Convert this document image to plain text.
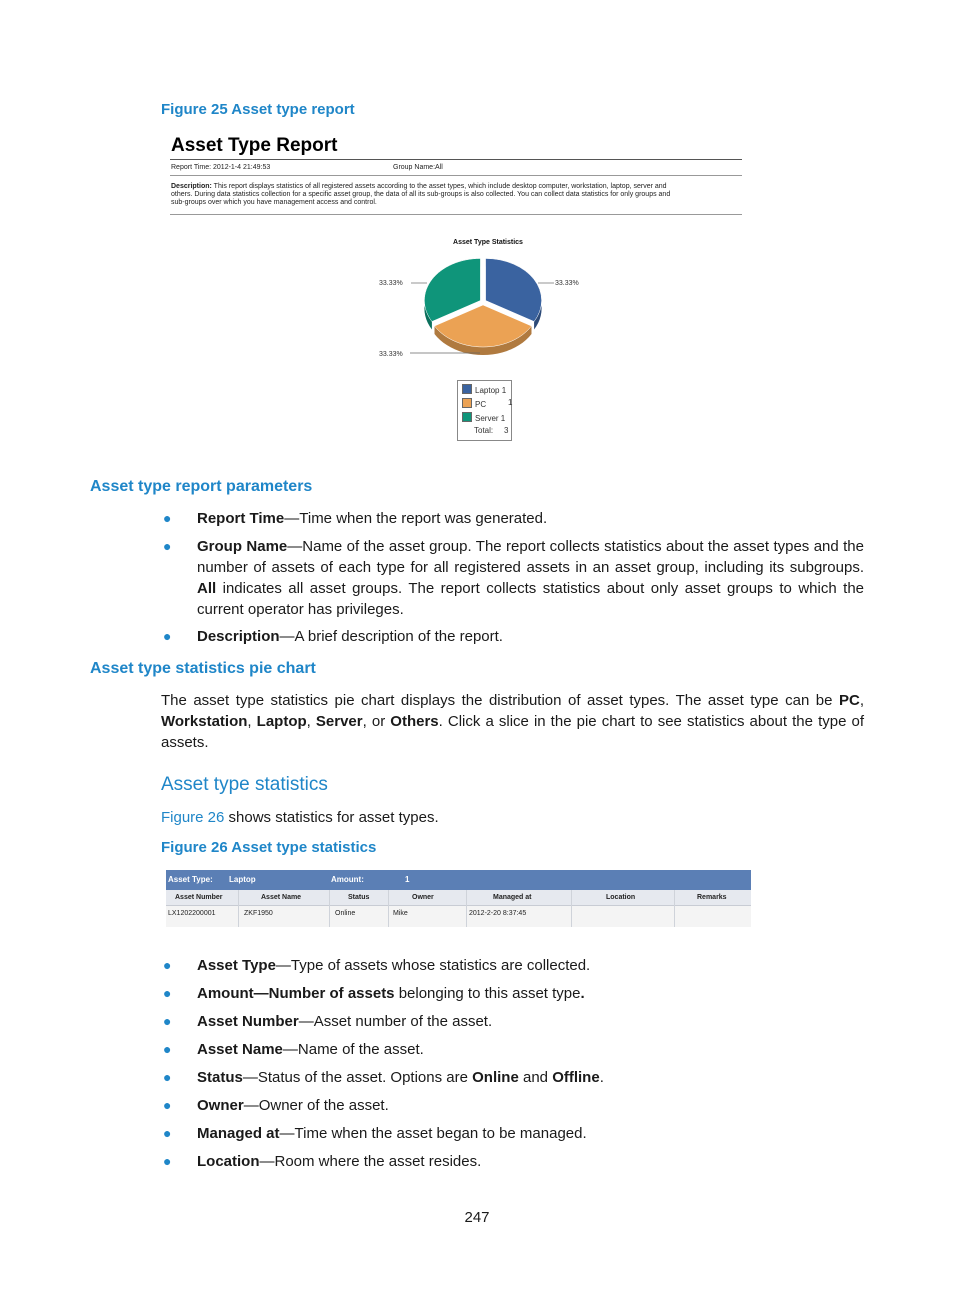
Figure 25 Asset type report
Asset Type Report
Report Time: 2012-1-4 21:49:53	Group Name:All
Description: This report displays statistics of all registered assets according to the asset types, which include desktop computer, workstation, laptop, server and
others. During data statistics collection for a specific asset group, the data of all its sub-groups is also collected. You can collect data statistics for only groups and
sub-groups over which you have management access and control.
Asset Type Statistics
33.33%
33.33%
33.33%
Laptop 1
PC	1
Server 1
Total: 3
Asset type report parameters
● Report Time—Time when the report was generated.
● Group Name—Name of the asset group. The report collects statistics about the asset types and the number of assets of each type for all registered assets in an asset group, including its subgroups. All indicates all asset groups. The report collects statistics about only asset groups to which the current operator has privileges.
● Description—A brief description of the report.
Asset type statistics pie chart

The asset type statistics pie chart displays the distribution of asset types. The asset type can be PC, Workstation, Laptop, Server, or Others. Click a slice in the pie chart to see statistics about the type of assets.

Asset type statistics
Figure 26 shows statistics for asset types.
Figure 26 Asset type statistics
Asset Type: Laptop	Amount:	1
Asset Number	Asset Name	Status	Owner	Managed at	Location	Remarks
LX1202200001	ZKF1950	Online	Mike	2012-2-20 8:37:45
● Asset Type—Type of assets whose statistics are collected.
● Amount—Number of assets belonging to this asset type.
● Asset Number—Asset number of the asset.
● Asset Name—Name of the asset.
● Status—Status of the asset. Options are Online and Offline.
● Owner—Owner of the asset.
● Managed at—Time when the asset began to be managed.
● Location—Room where the asset resides.
247
